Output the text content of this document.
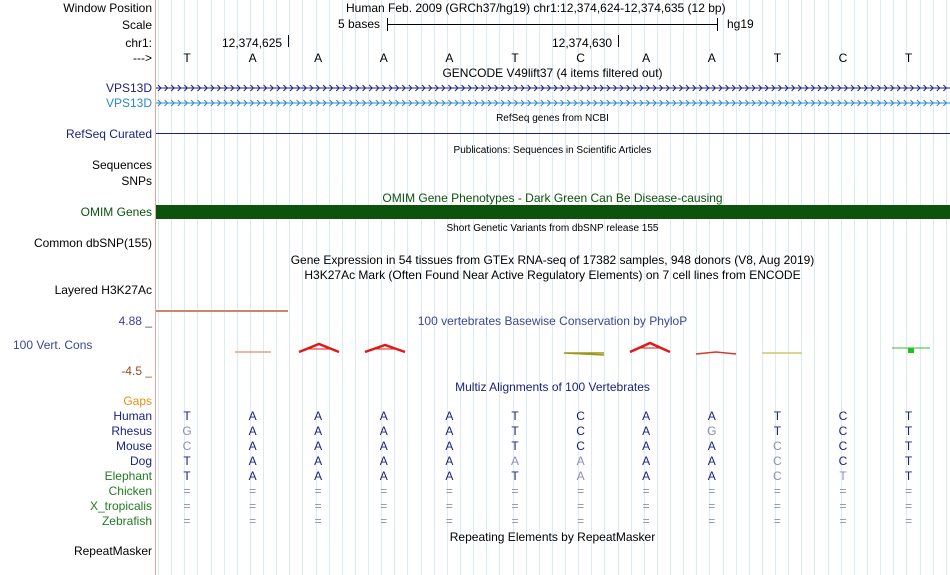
Window Position	Human Feb. 2009 (GRCh37/hg19) chr1:12,374,624-12,374,635 (12 bp)
Scale	5 bases	hg19
chr1:	12,374,625	12,374,630
--->	T	A	A	A	A	T	C	A	A	T	C	T
GENCODE V49lift37 (4 items filtered out)
VPS13D
VPS13D
RefSeq genes from NCBI
RefSeq Curated
Publications: Sequences in Scientific Articles
Sequences
SNPs
OMIM Gene Phenotypes - Dark Green Can Be Disease-causing
OMIM Genes
Short Genetic Variants from dbSNP release 155
Common dbSNP(155)
Gene Expression in 54 tissues from GTEx RNA-seq of 17382 samples, 948 donors (V8, Aug 2019)
H3K27Ac Mark (Often Found Near Active Regulatory Elements) on 7 cell lines from ENCODE
Layered H3K27Ac
4.88 _	100 vertebrates Basewise Conservation by PhyloP
100 Vert. Cons
-4.5 _
Multiz Alignments of 100 Vertebrates
Gaps
Human	T	A	A	A	A	T	C	A	A	T	C	T
Rhesus	G	A	A	A	A	T	C	A	G	T	C	T
Mouse	C	A	A	A	A	T	C	A	A	C	C	T
Dog	T	A	A	A	A	A	A	A	A	C	C	T
Elephant	T	A	A	A	A	T	A	A	A	C	T	T
Chicken	=	=	=	=	=	=	=	=	=	=	=	=
X_tropicalis	=	=	=	=	=	=	=	=	=	=	=	=
Zebrafish	=	=	=	=	=	=	=	=	=	=	=	=
Repeating Elements by RepeatMasker
RepeatMasker
